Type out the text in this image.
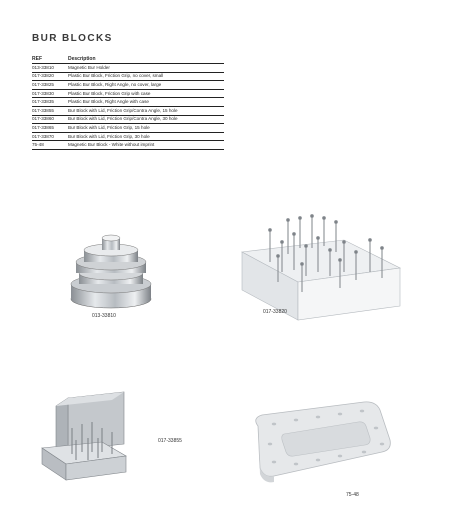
BUR BLOCKS
REF	Description
013-33810	Magnetic Bur Holder
017-33820	Plastic Bur Block, Friction Grip, no cover, small
017-33825	Plastic Bur Block, Right Angle, no cover, large
017-33830	Plastic Bur Block, Friction Grip with case
017-33835	Plastic Bur Block, Right Angle with case
017-33855	Bur Block with Lid, Friction Grip/Contra Angle, 15 hole
017-33860	Bur Block with Lid, Friction Grip/Contra Angle, 30 hole
017-33865	Bur Block with Lid, Friction Grip, 15 hole
017-33870	Bur Block with Lid, Friction Grip, 30 hole
75-48	Magnetic Bur Block - White without imprint
013-33810
017-33820
017-33855
75-48
